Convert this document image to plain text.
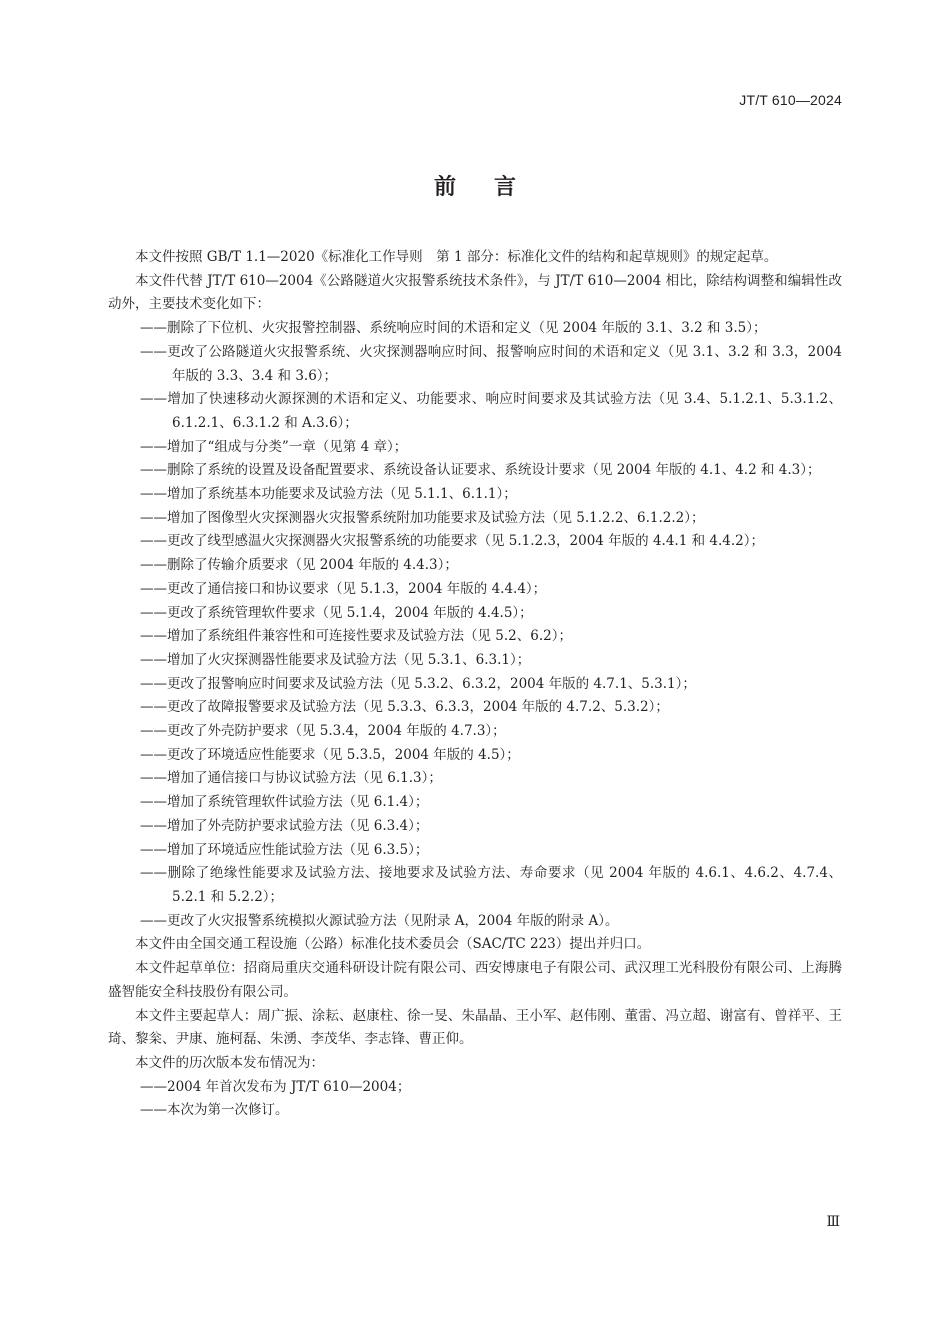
JT/T 610—2024
前言

本文件按照 GB/T 1.1—2020《标准化工作导则　第 1 部分：标准化文件的结构和起草规则》的规定起草。

本文件代替 JT/T 610—2004《公路隧道火灾报警系统技术条件》，与 JT/T 610—2004 相比，除结构调整和编辑性改动外，主要技术变化如下：

——删除了下位机、火灾报警控制器、系统响应时间的术语和定义（见 2004 年版的 3.1、3.2 和 3.5）；
——更改了公路隧道火灾报警系统、火灾探测器响应时间、报警响应时间的术语和定义（见 3.1、3.2 和 3.3，2004 年版的 3.3、3.4 和 3.6）；
——增加了快速移动火源探测的术语和定义、功能要求、响应时间要求及其试验方法（见 3.4、5.1.2.1、5.3.1.2、6.1.2.1、6.3.1.2 和 A.3.6）；
——增加了“组成与分类”一章（见第 4 章）；
——删除了系统的设置及设备配置要求、系统设备认证要求、系统设计要求（见 2004 年版的 4.1、4.2 和 4.3）；
——增加了系统基本功能要求及试验方法（见 5.1.1、6.1.1）；
——增加了图像型火灾探测器火灾报警系统附加功能要求及试验方法（见 5.1.2.2、6.1.2.2）；
——更改了线型感温火灾探测器火灾报警系统的功能要求（见 5.1.2.3，2004 年版的 4.4.1 和 4.4.2）；
——删除了传输介质要求（见 2004 年版的 4.4.3）；
——更改了通信接口和协议要求（见 5.1.3，2004 年版的 4.4.4）；
——更改了系统管理软件要求（见 5.1.4，2004 年版的 4.4.5）；
——增加了系统组件兼容性和可连接性要求及试验方法（见 5.2、6.2）；
——增加了火灾探测器性能要求及试验方法（见 5.3.1、6.3.1）；
——更改了报警响应时间要求及试验方法（见 5.3.2、6.3.2，2004 年版的 4.7.1、5.3.1）；
——更改了故障报警要求及试验方法（见 5.3.3、6.3.3，2004 年版的 4.7.2、5.3.2）；
——更改了外壳防护要求（见 5.3.4，2004 年版的 4.7.3）；
——更改了环境适应性能要求（见 5.3.5，2004 年版的 4.5）；
——增加了通信接口与协议试验方法（见 6.1.3）；
——增加了系统管理软件试验方法（见 6.1.4）；
——增加了外壳防护要求试验方法（见 6.3.4）；
——增加了环境适应性能试验方法（见 6.3.5）；
——删除了绝缘性能要求及试验方法、接地要求及试验方法、寿命要求（见 2004 年版的 4.6.1、4.6.2、4.7.4、5.2.1 和 5.2.2）；
——更改了火灾报警系统模拟火源试验方法（见附录 A，2004 年版的附录 A）。

本文件由全国交通工程设施（公路）标准化技术委员会（SAC/TC 223）提出并归口。

本文件起草单位：招商局重庆交通科研设计院有限公司、西安博康电子有限公司、武汉理工光科股份有限公司、上海腾盛智能安全科技股份有限公司。

本文件主要起草人：周广振、涂耘、赵康柱、徐一旻、朱晶晶、王小军、赵伟刚、董雷、冯立超、谢富有、曾祥平、王琦、黎枀、尹康、施柯磊、朱湧、李茂华、李志锋、曹正仰。

本文件的历次版本发布情况为：

——2004 年首次发布为 JT/T 610—2004；
——本次为第一次修订。
Ⅲ
